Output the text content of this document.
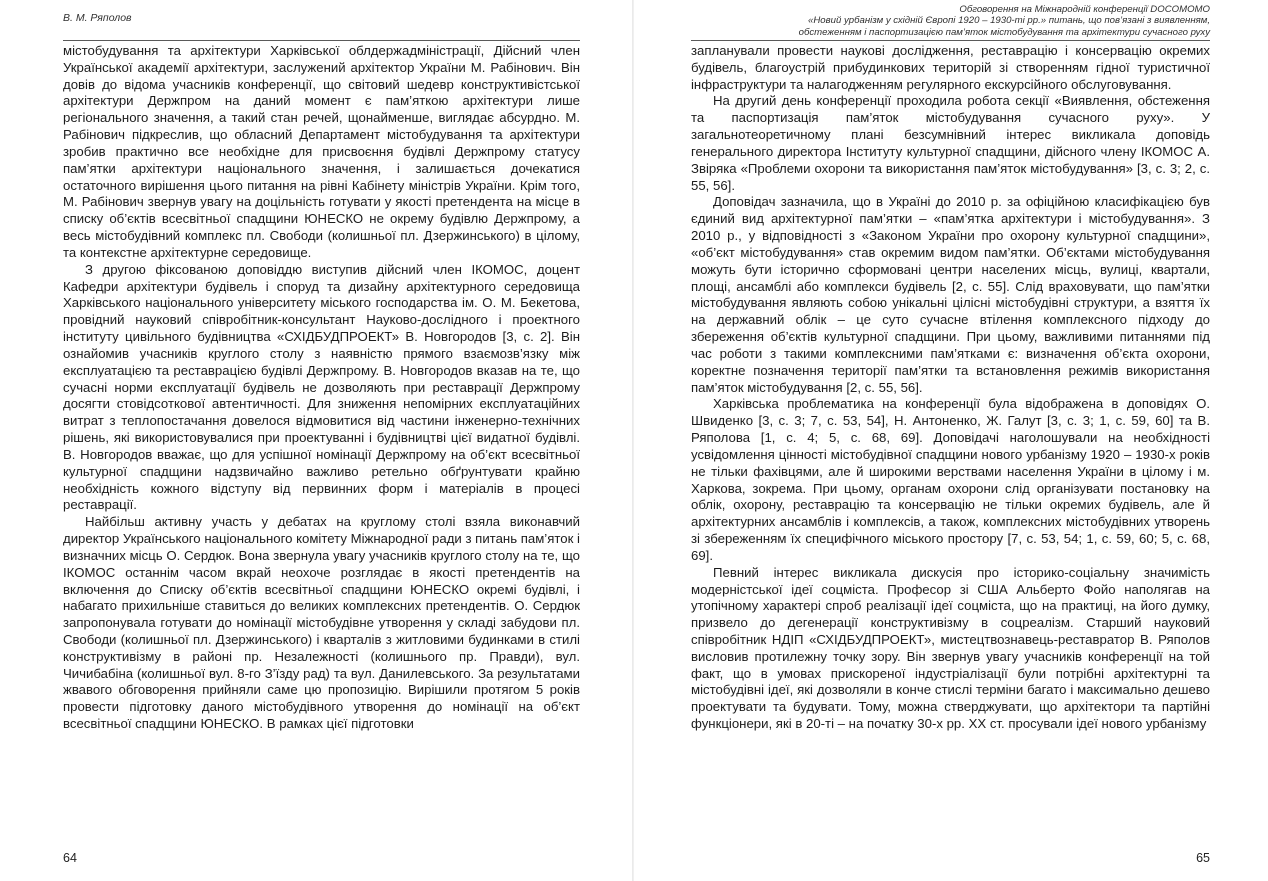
В. М. Ряполов

містобудування та архітектури Харківської облдержадміністрації, Дійсний член Української академії архітектури, заслужений архітектор України М. Рабінович. Він довів до відома учасників конференції, що світовий шедевр конструктивістської архітектури Держпром на даний момент є пам’яткою архітектури лише регіонального значення, а такий стан речей, щонайменше, виглядає абсурдно. М. Рабінович підкреслив, що обласний Департамент містобудування та архітектури зробив практично все необхідне для присвоєння будівлі Держпрому статусу пам’ятки архітектури національного значення, і залишається дочекатися остаточного вирішення цього питання на рівні Кабінету міністрів України. Крім того, М. Рабінович звернув увагу на доцільність готувати у якості претендента на місце в списку об’єктів всесвітньої спадщини ЮНЕСКО не окрему будівлю Держпрому, а весь містобудівний комплекс пл. Свободи (колишньої пл. Дзержинського) в цілому, та контекстне архітектурне середовище.

З другою фіксованою доповіддю виступив дійсний член ІКОМОС, доцент Кафедри архітектури будівель і споруд та дизайну архітектурного середовища Харківського національного університету міського господарства ім. О. М. Бекетова, провідний науковий співробітник-консультант Науково-дослідного і проектного інституту цивільного будівництва «СХІДБУДПРОЕКТ» В. Новгородов [3, с. 2]. Він ознайомив учасників круглого столу з наявністю прямого взаємозв’язку між експлуатацією та реставрацією будівлі Держпрому. В. Новгородов вказав на те, що сучасні норми експлуатації будівель не дозволяють при реставрації Держпрому досягти стовідсоткової автентичності. Для зниження непомірних експлуатаційних витрат з теплопостачання довелося відмовитися від частини інженерно-технічних рішень, які використовувалися при проектуванні і будівництві цієї видатної будівлі. В. Новгородов вважає, що для успішної номінації Держпрому на об’єкт всесвітньої культурної спадщини надзвичайно важливо ретельно обґрунтувати крайню необхідність кожного відступу від первинних форм і матеріалів в процесі реставрації.

Найбільш активну участь у дебатах на круглому столі взяла виконавчий директор Українського національного комітету Міжнародної ради з питань пам’яток і визначних місць О. Сердюк. Вона звернула увагу учасників круглого столу на те, що ІКОМОС останнім часом вкрай неохоче розглядає в якості претендентів на включення до Списку об’єктів всесвітньої спадщини ЮНЕСКО окремі будівлі, і набагато прихильніше ставиться до великих комплексних претендентів. О. Сердюк запропонувала готувати до номінації містобудівне утворення у складі забудови пл. Свободи (колишньої пл. Дзержинського) і кварталів з житловими будинками в стилі конструктивізму в районі пр. Незалежності (колишнього пр. Правди), вул. Чичибабіна (колишньої вул. 8-го З’їзду рад) та вул. Данилевського. За результатами жвавого обговорення прийняли саме цю пропозицію. Вирішили протягом 5 років провести підготовку даного містобудівного утворення до номінації на об’єкт всесвітньої спадщини ЮНЕСКО. В рамках цієї підготовки

64
Обговорення на Міжнародній конференції DOCOMOMO
«Новий урбанізм у східній Європі 1920 – 1930-ті рр.» питань, що пов’язані з виявленням,
обстеженням і паспортизацією пам’яток містобудування та архітектури сучасного руху

запланували провести наукові дослідження, реставрацію і консервацію окремих будівель, благоустрій прибудинкових територій зі створенням гідної туристичної інфраструктури та налагодженням регулярного екскурсійного обслуговування.

На другий день конференції проходила робота секції «Виявлення, обстеження та паспортизація пам’яток містобудування сучасного руху». У загальнотеоретичному плані безсумнівний інтерес викликала доповідь генерального директора Інституту культурної спадщини, дійсного члену ІКОМОС А. Звіряка «Проблеми охорони та використання пам’яток містобудування» [3, с. 3; 2, с. 55, 56].

Доповідач зазначила, що в Україні до 2010 р. за офіційною класифікацією був єдиний вид архітектурної пам’ятки – «пам’ятка архітектури і містобудування». З 2010 р., у відповідності з «Законом України про охорону культурної спадщини», «об’єкт містобудування» став окремим видом пам’ятки. Об’єктами містобудування можуть бути історично сформовані центри населених місць, вулиці, квартали, площі, ансамблі або комплекси будівель [2, с. 55]. Слід враховувати, що пам’ятки містобудування являють собою унікальні цілісні містобудівні структури, а взяття їх на державний облік – це суто сучасне втілення комплексного підходу до збереження об’єктів культурної спадщини. При цьому, важливими питаннями під час роботи з такими комплексними пам’ятками є: визначення об’єкта охорони, коректне позначення території пам’ятки та встановлення режимів використання пам’яток містобудування [2, с. 55, 56].

Харківська проблематика на конференції була відображена в доповідях О. Швиденко [3, с. 3; 7, с. 53, 54], Н. Антоненко, Ж. Галут [3, с. 3; 1, с. 59, 60] та В. Ряполова [1, с. 4; 5, с. 68, 69]. Доповідачі наголошували на необхідності усвідомлення цінності містобудівної спадщини нового урбанізму 1920 – 1930-х років не тільки фахівцями, але й широкими верствами населення України в цілому і м. Харкова, зокрема. При цьому, органам охорони слід організувати постановку на облік, охорону, реставрацію та консервацію не тільки окремих будівель, але й архітектурних ансамблів і комплексів, а також, комплексних містобудівних утворень зі збереженням їх специфічного міського простору [7, с. 53, 54; 1, с. 59, 60; 5, с. 68, 69].

Певний інтерес викликала дискусія про історико-соціальну значимість модерністської ідеї соцміста. Професор зі США Альберто Фойо наполягав на утопічному характері спроб реалізації ідеї соцміста, що на практиці, на його думку, призвело до дегенерації конструктивізму в соцреалізм. Старший науковий співробітник НДІП «СХІДБУДПРОЕКТ», мистецтвознавець-реставратор В. Ряполов висловив протилежну точку зору. Він звернув увагу учасників конференції на той факт, що в умовах прискореної індустріалізації були потрібні архітектурні та містобудівні ідеї, які дозволяли в конче стислі терміни багато і максимально дешево проектувати та будувати. Тому, можна стверджувати, що архітектори та партійні функціонери, які в 20-ті – на початку 30-х рр. ХХ ст. просували ідеї нового урбанізму

65
